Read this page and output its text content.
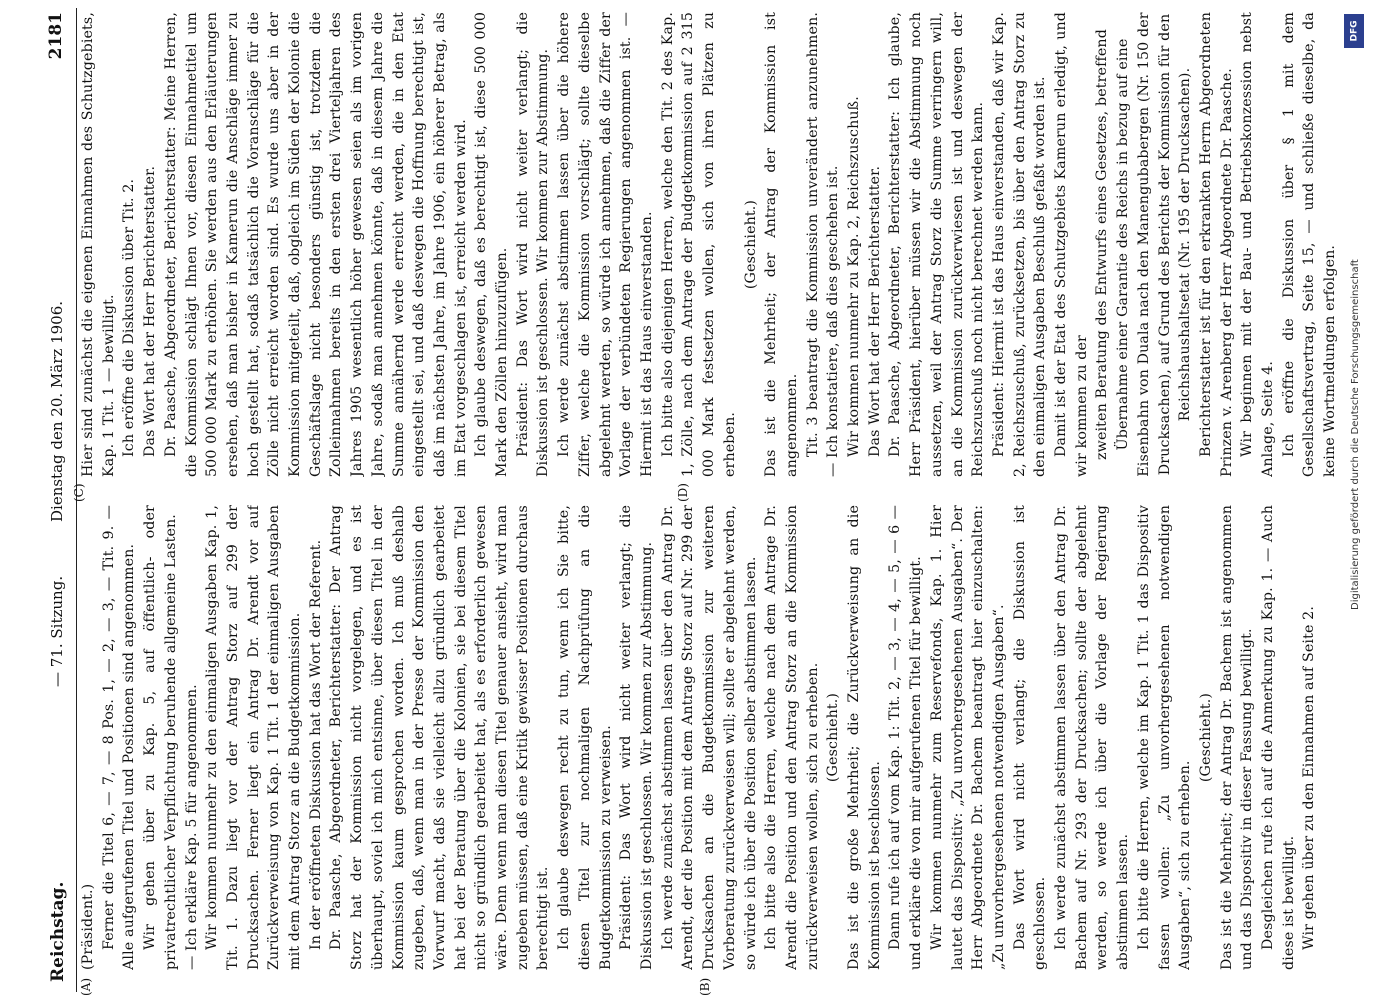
Reichstag.
— 71. Sitzung.
Dienstag den 20. März 1906.
2181
(A)	(B)
(C)	(D)

(Präsident.) Ferner die Titel 6, — 7, — 8 Pos. 1, — 2, — 3, — Tit. 9. — Alle aufgerufenen Titel und Positionen sind angenommen. Wir gehen über zu Kap. 5, auf öffentlich- oder privatrechtlicher Verpflichtung beruhende allgemeine Lasten. — Ich erkläre Kap. 5 für angenommen. Wir kommen nunmehr zu den einmaligen Ausgaben Kap. 1, Tit. 1. Dazu liegt vor der Antrag Storz auf 299 der Drucksachen. Ferner liegt ein Antrag Dr. Arendt vor auf Zurückverweisung von Kap. 1 Tit. 1 der einmaligen Ausgaben mit dem Antrag Storz an die Budgetkommission. In der eröffneten Diskussion hat das Wort der Referent. Dr. Paasche, Abgeordneter, Berichterstatter: Der Antrag Storz hat der Kommission nicht vorgelegen, und es ist überhaupt, soviel ich mich entsinne, über diesen Titel in der Kommission kaum gesprochen worden. Ich muß deshalb zugeben, daß, wenn man in der Presse der Kommission den Vorwurf macht, daß sie vielleicht allzu gründlich gearbeitet hat bei der Beratung über die Kolonien, sie bei diesem Titel nicht so gründlich gearbeitet hat, als es erforderlich gewesen wäre. Denn wenn man diesen Titel genauer ansieht, wird man zugeben müssen, daß eine Kritik gewisser Positionen durchaus berechtigt ist. Ich glaube deswegen recht zu tun, wenn ich Sie bitte, diesen Titel zur nochmaligen Nachprüfung an die Budgetkommission zu verweisen. Präsident: Das Wort wird nicht weiter verlangt; die Diskussion ist geschlossen. Wir kommen zur Abstimmung. Ich werde zunächst abstimmen lassen über den Antrag Dr. Arendt, der die Position mit dem Antrage Storz auf Nr. 299 der Drucksachen an die Budgetkommission zur weiteren Vorberatung zurückverweisen will; sollte er abgelehnt werden, so würde ich über die Position selber abstimmen lassen. Ich bitte also die Herren, welche nach dem Antrage Dr. Arendt die Position und den Antrag Storz an die Kommission zurückverweisen wollen, sich zu erheben. (Geschieht.) Das ist die große Mehrheit; die Zurückverweisung an die Kommission ist beschlossen. Dann rufe ich auf vom Kap. 1: Tit. 2, — 3, — 4, — 5, — 6 — und erkläre die von mir aufgerufenen Titel für bewilligt. Wir kommen nunmehr zum Reservefonds, Kap. 1. Hier lautet das Dispositiv: „Zu unvorhergesehenen Ausgaben“. Der Herr Abgeordnete Dr. Bachem beantragt hier einzuschalten: „Zu unvorhergesehenen notwendigen Ausgaben“. Das Wort wird nicht verlangt; die Diskussion ist geschlossen. Ich werde zunächst abstimmen lassen über den Antrag Dr. Bachem auf Nr. 293 der Drucksachen; sollte der abgelehnt werden, so werde ich über die Vorlage der Regierung abstimmen lassen. Ich bitte die Herren, welche im Kap. 1 Tit. 1 das Dispositiv fassen wollen: „Zu unvorhergesehenen notwendigen Ausgaben“, sich zu erheben.

(Geschieht.) Das ist die Mehrheit; der Antrag Dr. Bachem ist angenommen und das Dispositiv in dieser Fassung bewilligt. Desgleichen rufe ich auf die Anmerkung zu Kap. 1. — Auch diese ist bewilligt. Wir gehen über zu den Einnahmen auf Seite 2.

Hier sind zunächst die eigenen Einnahmen des Schutzgebiets, Kap. 1 Tit. 1 — bewilligt. Ich eröffne die Diskussion über Tit. 2. Das Wort hat der Herr Berichterstatter. Dr. Paasche, Abgeordneter, Berichterstatter: Meine Herren, die Kommission schlägt Ihnen vor, diesen Einnahmetitel um 500 000 Mark zu erhöhen. Sie werden aus den Erläuterungen ersehen, daß man bisher in Kamerun die Anschläge immer zu hoch gestellt hat, sodaß tatsächlich die Voranschläge für die Zölle nicht erreicht worden sind. Es wurde uns aber in der Kommission mitgeteilt, daß, obgleich im Süden der Kolonie die Geschäftslage nicht besonders günstig ist, trotzdem die Zolleinnahmen bereits in den ersten drei Vierteljahren des Jahres 1905 wesentlich höher gewesen seien als im vorigen Jahre, sodaß man annehmen könnte, daß in diesem Jahre die Summe annähernd werde erreicht werden, die in den Etat eingestellt sei, und daß deswegen die Hoffnung berechtigt ist, daß im nächsten Jahre, im Jahre 1906, ein höherer Betrag, als im Etat vorgeschlagen ist, erreicht werden wird. Ich glaube deswegen, daß es berechtigt ist, diese 500 000 Mark den Zöllen hinzuzufügen. Präsident: Das Wort wird nicht weiter verlangt; die Diskussion ist geschlossen. Wir kommen zur Abstimmung. Ich werde zunächst abstimmen lassen über die höhere Ziffer, welche die Kommission vorschlägt; sollte dieselbe abgelehnt werden, so würde ich annehmen, daß die Ziffer der Vorlage der verbündeten Regierungen angenommen ist. — Hiermit ist das Haus einverstanden. Ich bitte also diejenigen Herren, welche den Tit. 2 des Kap. 1, Zölle, nach dem Antrage der Budgetkommission auf 2 315 000 Mark festsetzen wollen, sich von ihren Plätzen zu erheben.

(Geschieht.) Das ist die Mehrheit; der Antrag der Kommission ist angenommen. Tit. 3 beantragt die Kommission unverändert anzunehmen. — Ich konstatiere, daß dies geschehen ist. Wir kommen nunmehr zu Kap. 2, Reichszuschuß. Das Wort hat der Herr Berichterstatter. Dr. Paasche, Abgeordneter, Berichterstatter: Ich glaube, Herr Präsident, hierüber müssen wir die Abstimmung noch aussetzen, weil der Antrag Storz die Summe verringern will, an die Kommission zurückverwiesen ist und deswegen der Reichszuschuß noch nicht berechnet werden kann. Präsident: Hiermit ist das Haus einverstanden, daß wir Kap. 2, Reichszuschuß, zurücksetzen, bis über den Antrag Storz zu den einmaligen Ausgaben Beschluß gefaßt worden ist. Damit ist der Etat des Schutzgebiets Kamerun erledigt, und wir kommen zu der zweiten Beratung des Entwurfs eines Gesetzes, betreffend Übernahme einer Garantie des Reichs in bezug auf eine Eisenbahn von Duala nach den Manengubabergen (Nr. 150 der Drucksachen), auf Grund des Berichts der Kommission für den Reichshaushaltsetat (Nr. 195 der Drucksachen). Berichterstatter ist für den erkrankten Herrn Abgeordneten Prinzen v. Arenberg der Herr Abgeordnete Dr. Paasche. Wir beginnen mit der Bau- und Betriebskonzession nebst Anlage, Seite 4. Ich eröffne die Diskussion über § 1 mit dem Gesellschaftsvertrag, Seite 15, — und schließe dieselbe, da keine Wortmeldungen erfolgen.

DFG
Digitalisierung gefördert durch die Deutsche Forschungsgemeinschaft
